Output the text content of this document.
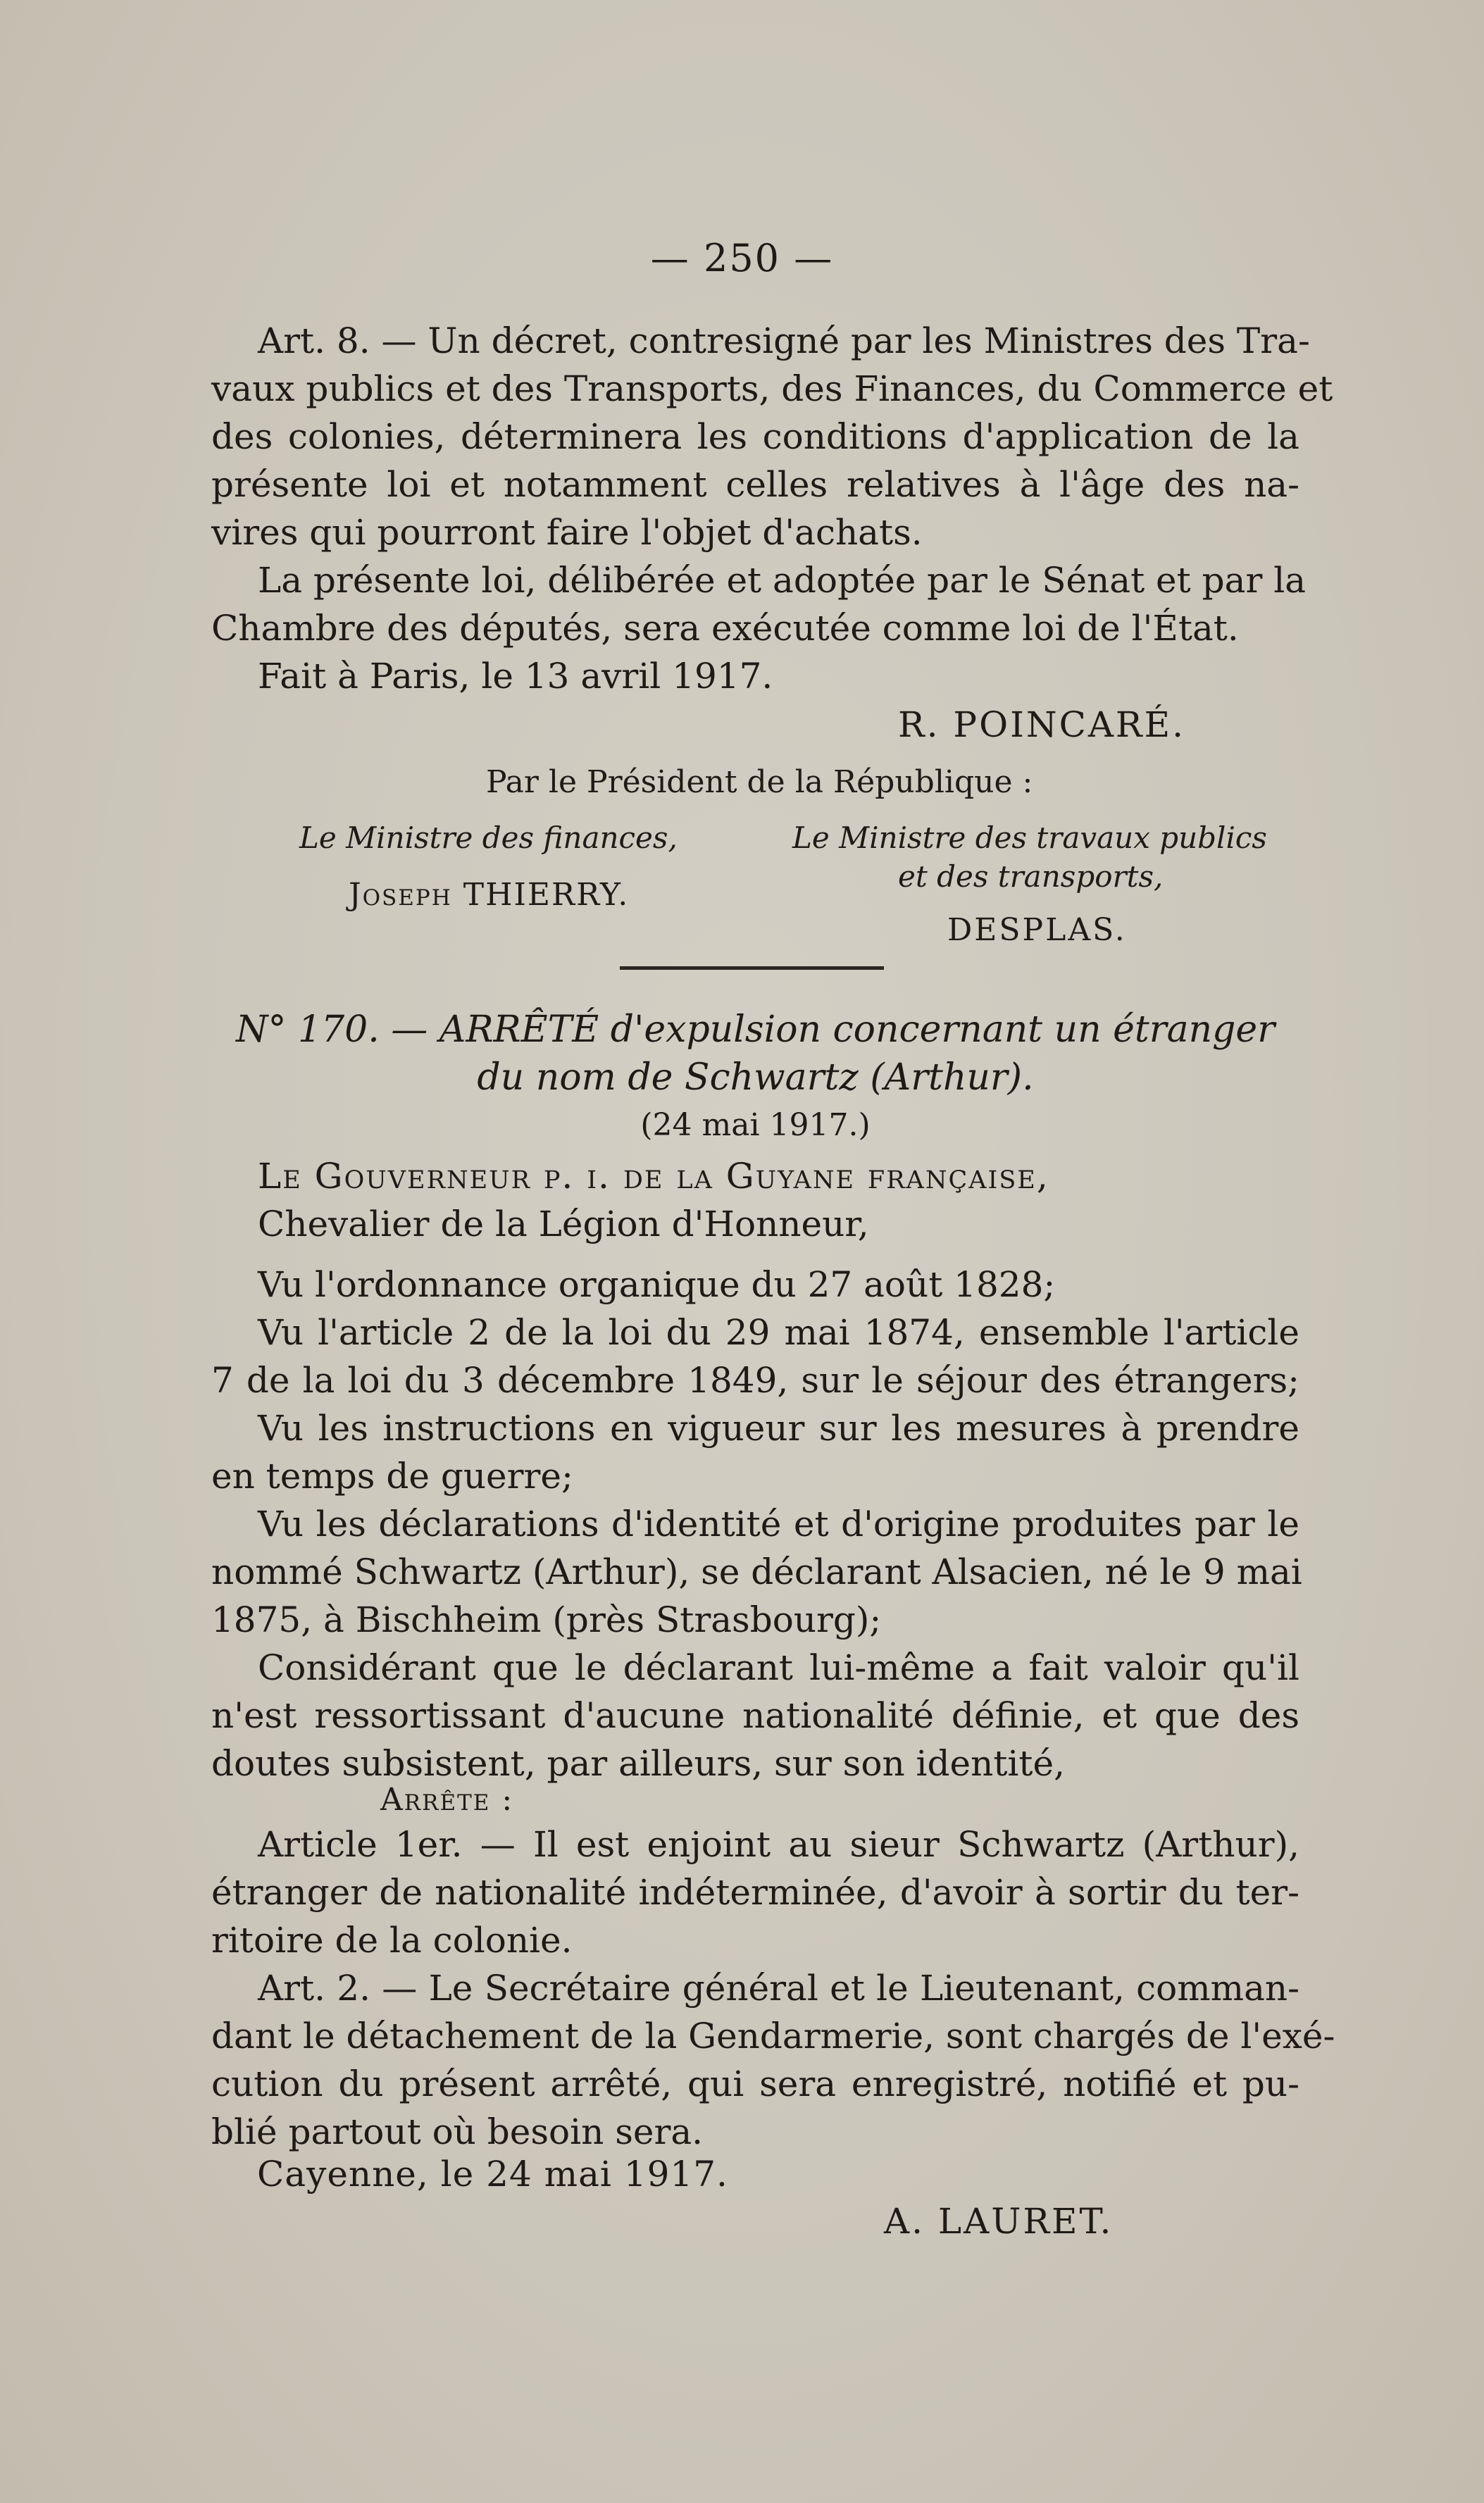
— 250 —
Art. 8. — Un décret, contresigné par les Ministres des Tra-
vaux publics et des Transports, des Finances, du Commerce et
des colonies, déterminera les conditions d'application de la
présente loi et notamment celles relatives à l'âge des na-
vires qui pourront faire l'objet d'achats.
La présente loi, délibérée et adoptée par le Sénat et par la
Chambre des députés, sera exécutée comme loi de l'État.
Fait à Paris, le 13 avril 1917.
R. POINCARÉ.
Par le Président de la République :
Le Ministre des finances,
Joseph THIERRY.
Le Ministre des travaux publics
et des transports,
DESPLAS.
N° 170. — ARRÊTÉ d'expulsion concernant un étranger
du nom de Schwartz (Arthur).
(24 mai 1917.)
Le Gouverneur p. i. de la Guyane française,
Chevalier de la Légion d'Honneur,
Vu l'ordonnance organique du 27 août 1828;
Vu l'article 2 de la loi du 29 mai 1874, ensemble l'article
7 de la loi du 3 décembre 1849, sur le séjour des étrangers;
Vu les instructions en vigueur sur les mesures à prendre
en temps de guerre;
Vu les déclarations d'identité et d'origine produites par le
nommé Schwartz (Arthur), se déclarant Alsacien, né le 9 mai
1875, à Bischheim (près Strasbourg);
Considérant que le déclarant lui-même a fait valoir qu'il
n'est ressortissant d'aucune nationalité définie, et que des
doutes subsistent, par ailleurs, sur son identité,
Arrête :
Article 1er. — Il est enjoint au sieur Schwartz (Arthur),
étranger de nationalité indéterminée, d'avoir à sortir du ter-
ritoire de la colonie.
Art. 2. — Le Secrétaire général et le Lieutenant, comman-
dant le détachement de la Gendarmerie, sont chargés de l'exé-
cution du présent arrêté, qui sera enregistré, notifié et pu-
blié partout où besoin sera.
Cayenne, le 24 mai 1917.
A. LAURET.
